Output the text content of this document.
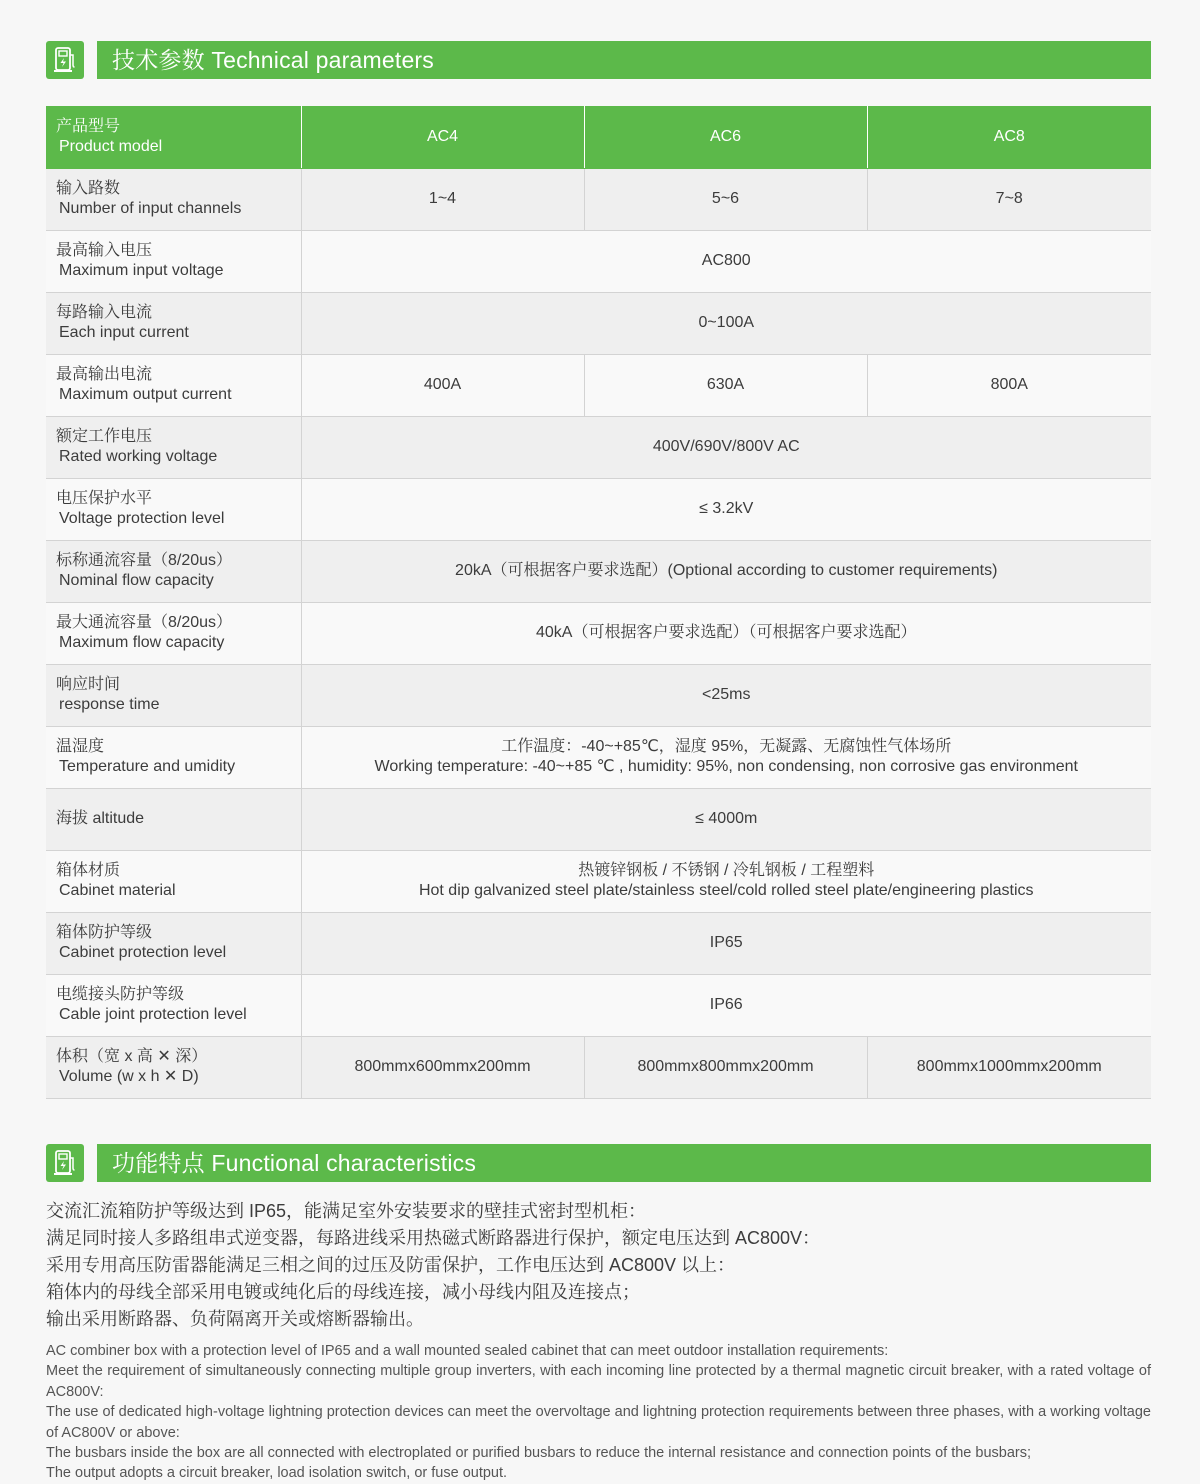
技术参数 Technical parameters
产品型号
Product model	AC4	AC6	AC8

输入路数
Number of input channels	1~4	5~6	7~8

最高输入电压
Maximum input voltage	AC800		

每路输入电流
Each input current	0~100A		

最高输出电流
Maximum output current	400A	630A	800A

额定工作电压
Rated working voltage	400V/690V/800V AC		

电压保护水平
Voltage protection level	≤ 3.2kV		

标称通流容量（8/20us）
Nominal flow capacity	20kA（可根据客户要求选配）(Optional according to customer requirements)		

最大通流容量（8/20us）
Maximum flow capacity	40kA（可根据客户要求选配）（可根据客户要求选配）		

响应时间
response time	<25ms		

温湿度
Temperature and umidity	工作温度：-40~+85℃，湿度 95%，无凝露、无腐蚀性气体场所
Working temperature: -40~+85 ℃ , humidity: 95%, non condensing, non corrosive gas environment		

海拔 altitude	≤ 4000m		

箱体材质
Cabinet material	热镀锌钢板 / 不锈钢 / 冷轧钢板 / 工程塑料
Hot dip galvanized steel plate/stainless steel/cold rolled steel plate/engineering plastics		

箱体防护等级
Cabinet protection level	IP65		

电缆接头防护等级
Cable joint protection level	IP66		

体积（宽 x 高 ✕ 深）
Volume (w x h ✕ D)	800mmx600mmx200mm	800mmx800mmx200mm	800mmx1000mmx200mm
功能特点 Functional characteristics
交流汇流箱防护等级达到 IP65，能满足室外安装要求的壁挂式密封型机柜：
满足同时接人多路组串式逆变器，每路进线采用热磁式断路器进行保护，额定电压达到 AC800V：
采用专用高压防雷器能满足三相之间的过压及防雷保护，工作电压达到 AC800V 以上：
箱体内的母线全部采用电镀或纯化后的母线连接，减小母线内阻及连接点；
输出采用断路器、负荷隔离开关或熔断器输出。
AC combiner box with a protection level of IP65 and a wall mounted sealed cabinet that can meet outdoor installation requirements:
Meet the requirement of simultaneously connecting multiple group inverters, with each incoming line protected by a thermal magnetic circuit breaker, with a rated voltage of AC800V:
The use of dedicated high-voltage lightning protection devices can meet the overvoltage and lightning protection requirements between three phases, with a working voltage of AC800V or above:
The busbars inside the box are all connected with electroplated or purified busbars to reduce the internal resistance and connection points of the busbars;
The output adopts a circuit breaker, load isolation switch, or fuse output.
